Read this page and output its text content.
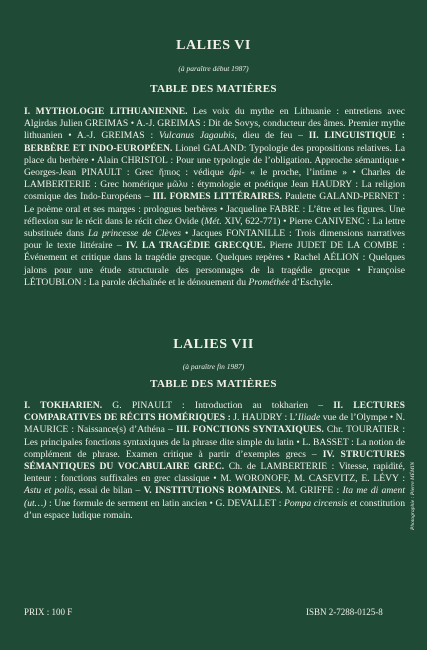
LALIES VI
(à paraître début 1987)
TABLE DES MATIÈRES
I. MYTHOLOGIE LITHUANIENNE. Les voix du mythe en Lithuanie : entretiens avec Algirdas Julien GREIMAS • A.-J. GREIMAS : Dit de Sovys, conducteur des âmes. Premier mythe lithuanien • A.-J. GREIMAS : Vulcanus Jagaubis, dieu de feu – II. LINGUISTIQUE : BERBÈRE ET INDO-EUROPÉEN. Lionel GALAND: Typologie des propositions relatives. La place du berbère • Alain CHRISTOL : Pour une typologie de l’obligation. Approche sémantique • Georges-Jean PINAULT : Grec ἤπιος : védique ápi- « le proche, l’intime » • Charles de LAMBERTERIE : Grec homérique μῶλυ : étymologie et poétique Jean HAUDRY : La religion cosmique des Indo-Européens – III. FORMES LITTÉRAIRES. Paulette GALAND-PERNET : Le poème oral et ses marges : prologues berbères • Jacqueline FABRE : L’être et les figures. Une réflexion sur le récit dans le récit chez Ovide (Mét. XIV, 622-771) • Pierre CANIVENC : La lettre substituée dans La princesse de Clèves • Jacques FONTANILLE : Trois dimensions narratives pour le texte littéraire – IV. LA TRAGÉDIE GRECQUE. Pierre JUDET DE LA COMBE : Événement et critique dans la tragédie grecque. Quelques repères • Rachel AÉLION : Quelques jalons pour une étude structurale des personnages de la tragédie grecque • Françoise LÉTOUBLON : La parole déchaînée et le dénouement du Prométhée d’Eschyle.
LALIES VII
(à paraître fin 1987)
TABLE DES MATIÈRES
I. TOKHARIEN. G. PINAULT : Introduction au tokharien – II. LECTURES COMPARATIVES DE RÉCITS HOMÉRIQUES : J. HAUDRY : L’Iliade vue de l’Olympe • N. MAURICE : Naissance(s) d’Athéna – III. FONCTIONS SYNTAXIQUES. Chr. TOURATIER : Les principales fonctions syntaxiques de la phrase dite simple du latin • L. BASSET : La notion de complément de phrase. Examen critique à partir d’exemples grecs – IV. STRUCTURES SÉMANTIQUES DU VOCABULAIRE GREC. Ch. de LAMBERTERIE : Vitesse, rapidité, lenteur : fonctions suffixales en grec classique • M. WORONOFF, M. CASEVITZ, E. LÉVY : Astu et polis, essai de bilan – V. INSTITUTIONS ROMAINES. M. GRIFFE : Ita me di ament (ut…) : Une formule de serment en latin ancien • G. DEVALLET : Pompa circensis et constitution d’un espace ludique romain.
PRIX : 100 F	ISBN 2-7288-0125-8
Photographie : Pierre MÉMIN
